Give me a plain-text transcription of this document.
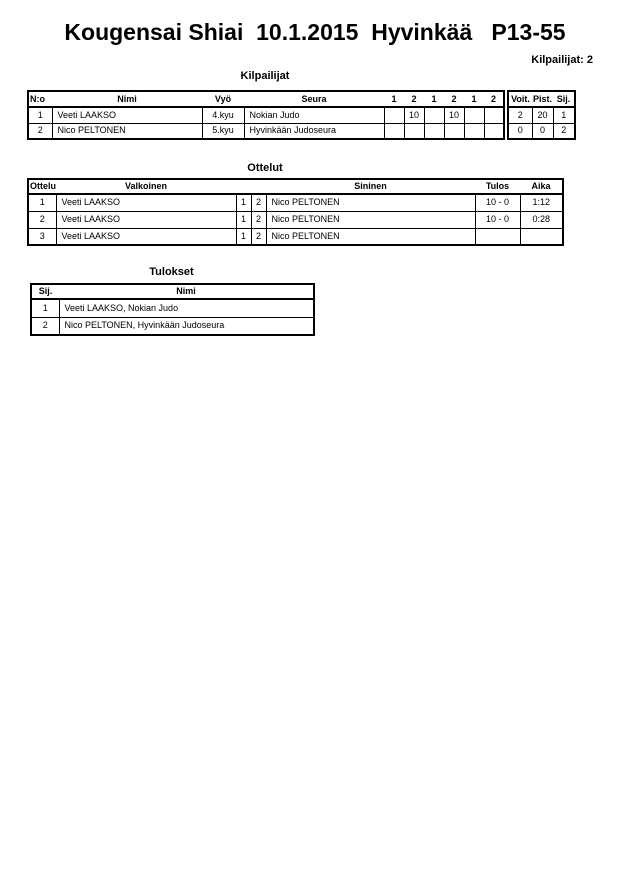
Kougensai Shiai  10.1.2015  Hyvinkää   P13-55
Kilpailijat: 2
Kilpailijat
N:o	Nimi	Vyö	Seura	1	2	1	2	1	2
1	Veeti LAAKSO	4.kyu	Nokian Judo		10		10		
2	Nico PELTONEN	5.kyu	Hyvinkään Judoseura						
Voit.	Pist.	Sij.
2	20	1
0	0	2
Ottelut
Ottelu	Valkoinen			Sininen	Tulos	Aika
1	Veeti LAAKSO	1	2	Nico PELTONEN	10 - 0	1:12
2	Veeti LAAKSO	1	2	Nico PELTONEN	10 - 0	0:28
3	Veeti LAAKSO	1	2	Nico PELTONEN		
Tulokset
Sij.	Nimi
1	Veeti LAAKSO, Nokian Judo
2	Nico PELTONEN, Hyvinkään Judoseura
